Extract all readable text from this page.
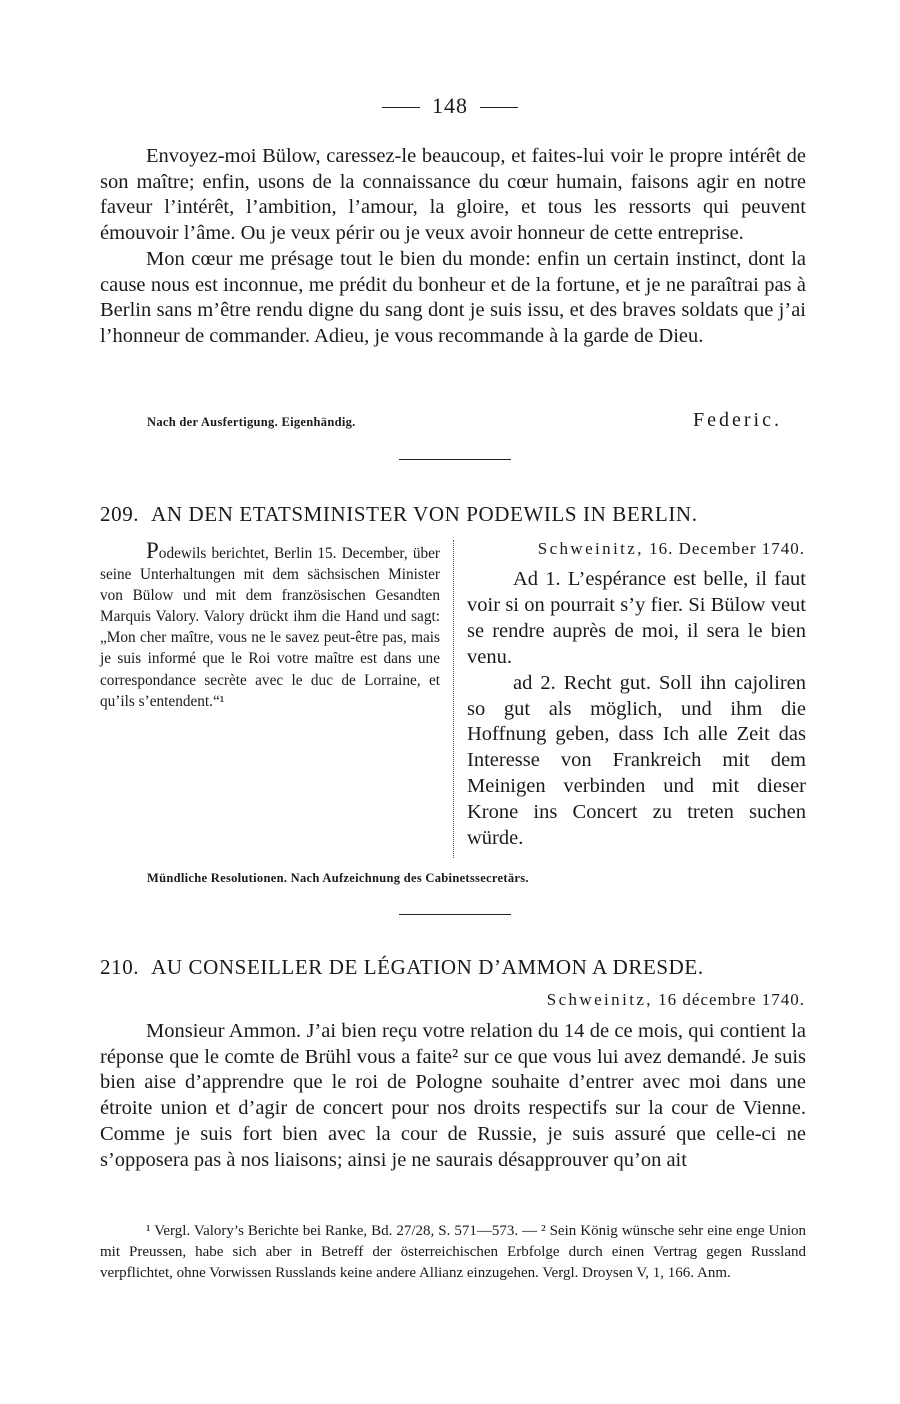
148

Envoyez-moi Bülow, caressez-le beaucoup, et faites-lui voir le propre intérêt de son maître; enfin, usons de la connaissance du cœur humain, faisons agir en notre faveur l’intérêt, l’ambition, l’amour, la gloire, et tous les ressorts qui peuvent émouvoir l’âme. Ou je veux périr ou je veux avoir honneur de cette entreprise.

Mon cœur me présage tout le bien du monde: enfin un certain instinct, dont la cause nous est inconnue, me prédit du bonheur et de la fortune, et je ne paraîtrai pas à Berlin sans m’être rendu digne du sang dont je suis issu, et des braves soldats que j’ai l’honneur de commander. Adieu, je vous recommande à la garde de Dieu.

Nach der Ausfertigung. Eigenhändig.	Federic.
209. AN DEN ETATSMINISTER VON PODEWILS IN BERLIN.
Schweinitz, 16. December 1740.
Podewils berichtet, Berlin 15. December, über seine Unterhaltungen mit dem sächsischen Minister von Bülow und mit dem französischen Gesandten Marquis Valory. Valory drückt ihm die Hand und sagt: „Mon cher maître, vous ne le savez peut-être pas, mais je suis informé que le Roi votre maître est dans une correspondance secrète avec le duc de Lorraine, et qu’ils s’entendent.“¹

Ad 1. L’espérance est belle, il faut voir si on pourrait s’y fier. Si Bülow veut se rendre auprès de moi, il sera le bien venu.

ad 2. Recht gut. Soll ihn cajoliren so gut als möglich, und ihm die Hoffnung geben, dass Ich alle Zeit das Interesse von Frankreich mit dem Meinigen verbinden und mit dieser Krone ins Concert zu treten suchen würde.

Mündliche Resolutionen. Nach Aufzeichnung des Cabinetssecretärs.
210. AU CONSEILLER DE LÉGATION D’AMMON A DRESDE.
Schweinitz, 16 décembre 1740.

Monsieur Ammon. J’ai bien reçu votre relation du 14 de ce mois, qui contient la réponse que le comte de Brühl vous a faite² sur ce que vous lui avez demandé. Je suis bien aise d’apprendre que le roi de Pologne souhaite d’entrer avec moi dans une étroite union et d’agir de concert pour nos droits respectifs sur la cour de Vienne. Comme je suis fort bien avec la cour de Russie, je suis assuré que celle-ci ne s’opposera pas à nos liaisons; ainsi je ne saurais désapprouver qu’on ait

¹ Vergl. Valory’s Berichte bei Ranke, Bd. 27/28, S. 571—573. — ² Sein König wünsche sehr eine enge Union mit Preussen, habe sich aber in Betreff der österreichischen Erbfolge durch einen Vertrag gegen Russland verpflichtet, ohne Vorwissen Russlands keine andere Allianz einzugehen. Vergl. Droysen V, 1, 166. Anm.
